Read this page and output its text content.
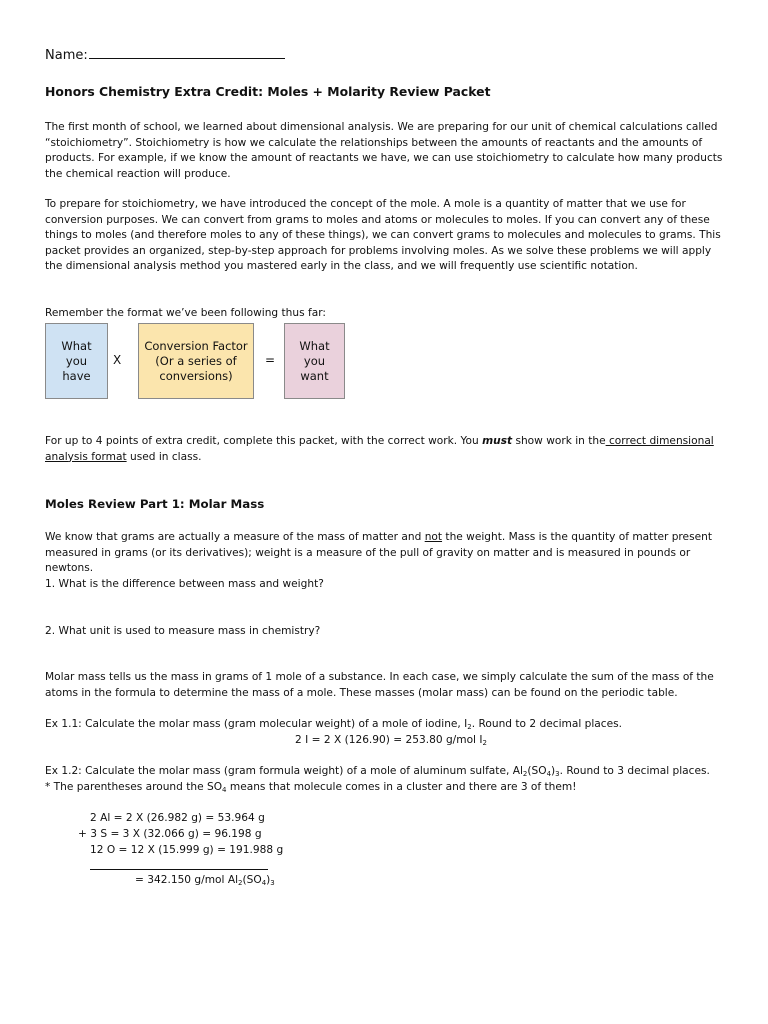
Name:
Honors Chemistry Extra Credit: Moles + Molarity Review Packet

The first month of school, we learned about dimensional analysis. We are preparing for our unit of chemical calculations called “stoichiometry”. Stoichiometry is how we calculate the relationships between the amounts of reactants and the amounts of products. For example, if we know the amount of reactants we have, we can use stoichiometry to calculate how many products the chemical reaction will produce.

To prepare for stoichiometry, we have introduced the concept of the mole. A mole is a quantity of matter that we use for conversion purposes. We can convert from grams to moles and atoms or molecules to moles. If you can convert any of these things to moles (and therefore moles to any of these things), we can convert grams to molecules and molecules to grams. This packet provides an organized, step-by-step approach for problems involving moles. As we solve these problems we will apply the dimensional analysis method you mastered early in the class, and we will frequently use scientific notation.

Remember the format we’ve been following thus far:

What
you
have
X
Conversion Factor
(Or a series of
conversions)
=
What
you
want

For up to 4 points of extra credit, complete this packet, with the correct work. You must show work in the correct dimensional analysis format used in class.

Moles Review Part 1: Molar Mass

We know that grams are actually a measure of the mass of matter and not the weight. Mass is the quantity of matter present measured in grams (or its derivatives); weight is a measure of the pull of gravity on matter and is measured in pounds or newtons.

1. What is the difference between mass and weight?

2. What unit is used to measure mass in chemistry?

Molar mass tells us the mass in grams of 1 mole of a substance. In each case, we simply calculate the sum of the mass of the atoms in the formula to determine the mass of a mole. These masses (molar mass) can be found on the periodic table.

Ex 1.1: Calculate the molar mass (gram molecular weight) of a mole of iodine, $I_2$. Round to 2 decimal places.

2 I = 2 X (126.90) = 253.80 g/mol $I_2$

Ex 1.2: Calculate the molar mass (gram formula weight) of a mole of aluminum sulfate, $Al_2(SO_4)_3$. Round to 3 decimal places.

* The parentheses around the $SO_4$ means that molecule comes in a cluster and there are 3 of them!

2 Al = 2 X (26.982 g) = 53.964 g
+ 3 S = 3 X (32.066 g) = 96.198 g
12 O = 12 X (15.999 g) = 191.988 g
= 342.150 g/mol $Al_2(SO_4)_3$
